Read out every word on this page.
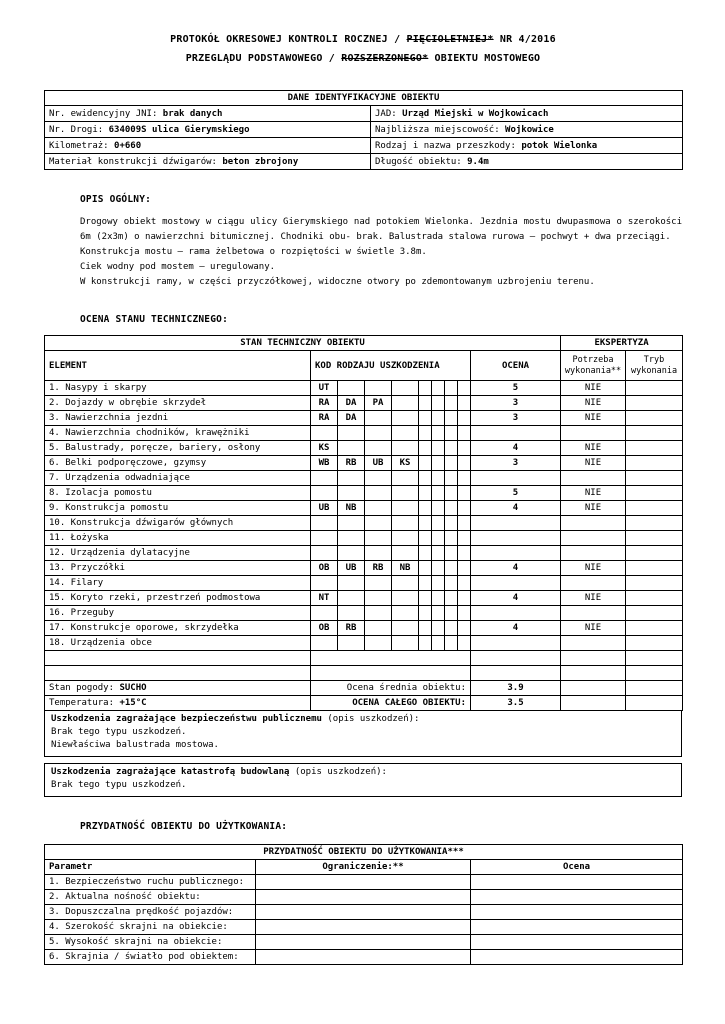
PROTOKÓŁ OKRESOWEJ KONTROLI ROCZNEJ / PIĘCIOLETNIEJ* NR 4/2016
PRZEGLĄDU PODSTAWOWEGO / ROZSZERZONEGO* OBIEKTU MOSTOWEGO
DANE IDENTYFIKACYJNE OBIEKTU	
Nr. ewidencyjny JNI: brak danych	JAD: Urząd Miejski w Wojkowicach
Nr. Drogi: 634009S ulica Gierymskiego	Najbliższa miejscowość: Wojkowice
Kilometraż: 0+660	Rodzaj i nazwa przeszkody: potok Wielonka
Materiał konstrukcji dźwigarów: beton zbrojony	Długość obiektu: 9.4m
OPIS OGÓLNY:
Drogowy obiekt mostowy w ciągu ulicy Gierymskiego nad potokiem Wielonka. Jezdnia mostu dwupasmowa o szerokości 6m (2x3m) o nawierzchni bitumicznej. Chodniki obu- brak. Balustrada stalowa rurowa – pochwyt + dwa przeciągi.
Konstrukcja mostu – rama żelbetowa o rozpiętości w świetle 3.8m.
Ciek wodny pod mostem – uregulowany.
W konstrukcji ramy, w części przyczółkowej, widoczne otwory po zdemontowanym uzbrojeniu terenu.
OCENA STANU TECHNICZNEGO:
STAN TECHNICZNY OBIEKTU										EKSPERTYZA	
ELEMENT	KOD RODZAJU USZKODZENIA								OCENA	Potrzeba wykonania**	Tryb wykonania
1. Nasypy i skarpy	UT								5	NIE	
2. Dojazdy w obrębie skrzydeł	RA	DA	PA						3	NIE	
3. Nawierzchnia jezdni	RA	DA							3	NIE	
4. Nawierzchnia chodników, krawężniki											
5. Balustrady, poręcze, bariery, osłony	KS								4	NIE	
6. Belki podporęczowe, gzymsy	WB	RB	UB	KS					3	NIE	
7. Urządzenia odwadniające											
8. Izolacja pomostu									5	NIE	
9. Konstrukcja pomostu	UB	NB							4	NIE	
10. Konstrukcja dźwigarów głównych											
11. Łożyska											
12. Urządzenia dylatacyjne											
13. Przyczółki	OB	UB	RB	NB					4	NIE	
14. Filary											
15. Koryto rzeki, przestrzeń podmostowa	NT								4	NIE	
16. Przeguby											
17. Konstrukcje oporowe, skrzydełka	OB	RB							4	NIE	
18. Urządzenia obce											

Stan pogody: SUCHO	Ocena średnia obiektu:								3.9		
Temperatura: +15°C	OCENA CAŁEGO OBIEKTU:								3.5		
Uszkodzenia zagrażające bezpieczeństwu publicznemu (opis uszkodzeń):
Brak tego typu uszkodzeń.
Niewłaściwa balustrada mostowa.
Uszkodzenia zagrażające katastrofą budowlaną (opis uszkodzeń):
Brak tego typu uszkodzeń.
PRZYDATNOŚĆ OBIEKTU DO UŻYTKOWANIA:
PRZYDATNOŚĆ OBIEKTU DO UŻYTKOWANIA***		
Parametr	Ograniczenie:**	Ocena
1. Bezpieczeństwo ruchu publicznego:		
2. Aktualna nośność obiektu:		
3. Dopuszczalna prędkość pojazdów:		
4. Szerokość skrajni na obiekcie:		
5. Wysokość skrajni na obiekcie:		
6. Skrajnia / światło pod obiektem:		
